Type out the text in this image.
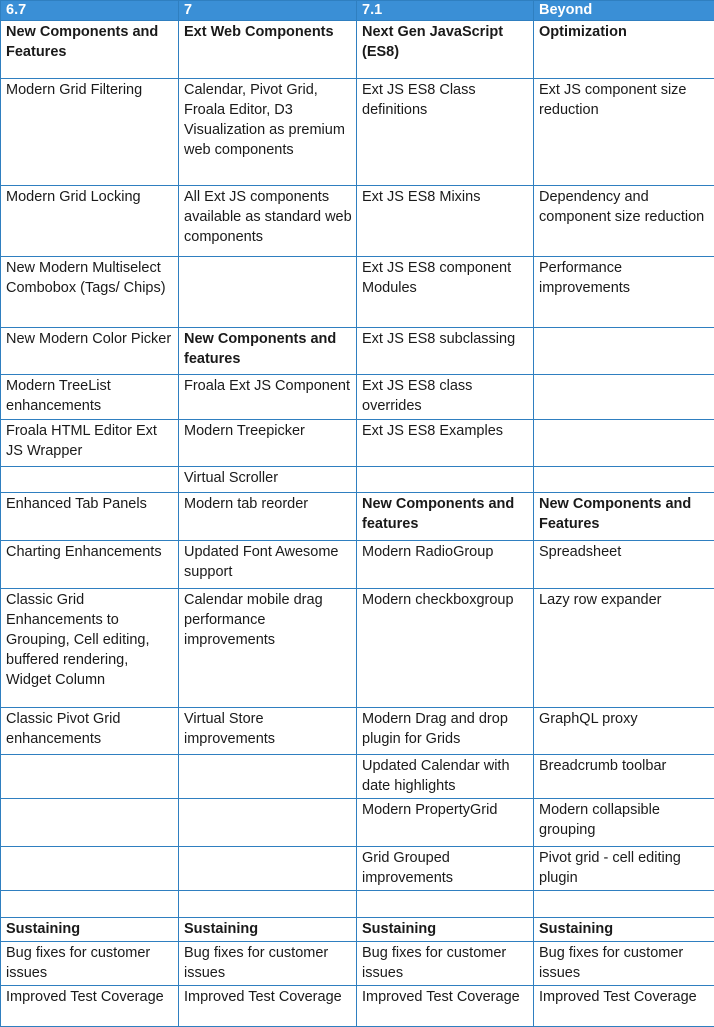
6.7	7	7.1	Beyond
New Components and Features	Ext Web Components	Next Gen JavaScript (ES8)	Optimization
Modern Grid Filtering	Calendar, Pivot Grid, Froala Editor, D3 Visualization as premium web components	Ext JS ES8 Class definitions	Ext JS component size reduction
Modern Grid Locking	All Ext JS components available as standard web components	Ext JS ES8 Mixins	Dependency and component size reduction
New Modern Multiselect Combobox (Tags/ Chips)		Ext JS ES8 component Modules	Performance improvements
New Modern Color Picker	New Components and features	Ext JS ES8 subclassing	
Modern TreeList enhancements	Froala Ext JS Component	Ext JS ES8 class overrides	
Froala HTML Editor Ext JS Wrapper	Modern Treepicker	Ext JS ES8 Examples	
	Virtual Scroller		
Enhanced Tab Panels	Modern tab reorder	New Components and features	New Components and Features
Charting Enhancements	Updated Font Awesome support	Modern RadioGroup	Spreadsheet
Classic Grid Enhancements to Grouping, Cell editing, buffered rendering, Widget Column	Calendar mobile drag performance improvements	Modern checkboxgroup	Lazy row expander
Classic Pivot Grid enhancements	Virtual Store improvements	Modern Drag and drop plugin for Grids	GraphQL proxy
		Updated Calendar with date highlights	Breadcrumb toolbar
		Modern PropertyGrid	Modern collapsible grouping
		Grid Grouped improvements	Pivot grid - cell editing plugin

Sustaining	Sustaining	Sustaining	Sustaining
Bug fixes for customer issues	Bug fixes for customer issues	Bug fixes for customer issues	Bug fixes for customer issues
Improved Test Coverage	Improved Test Coverage	Improved Test Coverage	Improved Test Coverage
